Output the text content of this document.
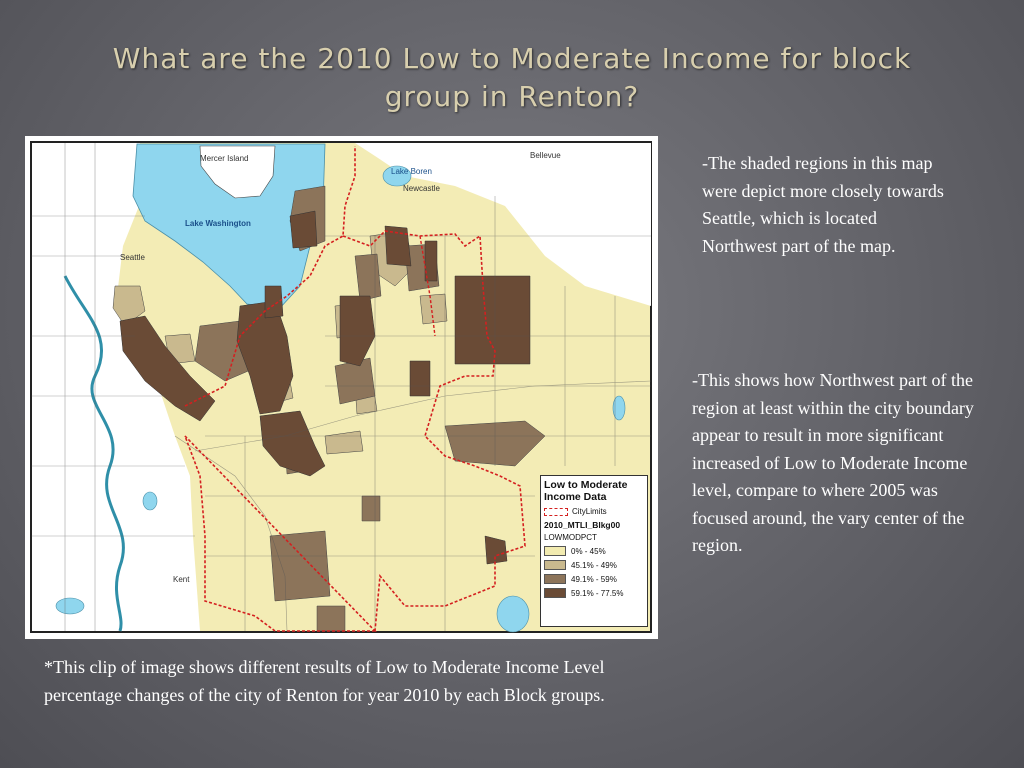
What are the 2010 Low to Moderate Income for block
group in Renton?
Mercer Island	Bellevue
Newcastle
Lake Washington
Seattle
Kent
Lake Boren
Low to Moderate Income Data
CityLimits
2010_MTLI_Blkg00
LOWMODPCT
0% - 45%
45.1% - 49%
49.1% - 59%
59.1% - 77.5%

-The shaded regions in this map were depict more closely towards Seattle, which is located Northwest part of the map.

-This shows how Northwest part of the region at least within the city boundary appear to result in more significant increased of Low to Moderate Income level, compare to where 2005 was focused around, the vary center of the region.

*This clip of image shows different results of Low to Moderate Income Level percentage changes of the city of Renton for year 2010 by each Block groups.
